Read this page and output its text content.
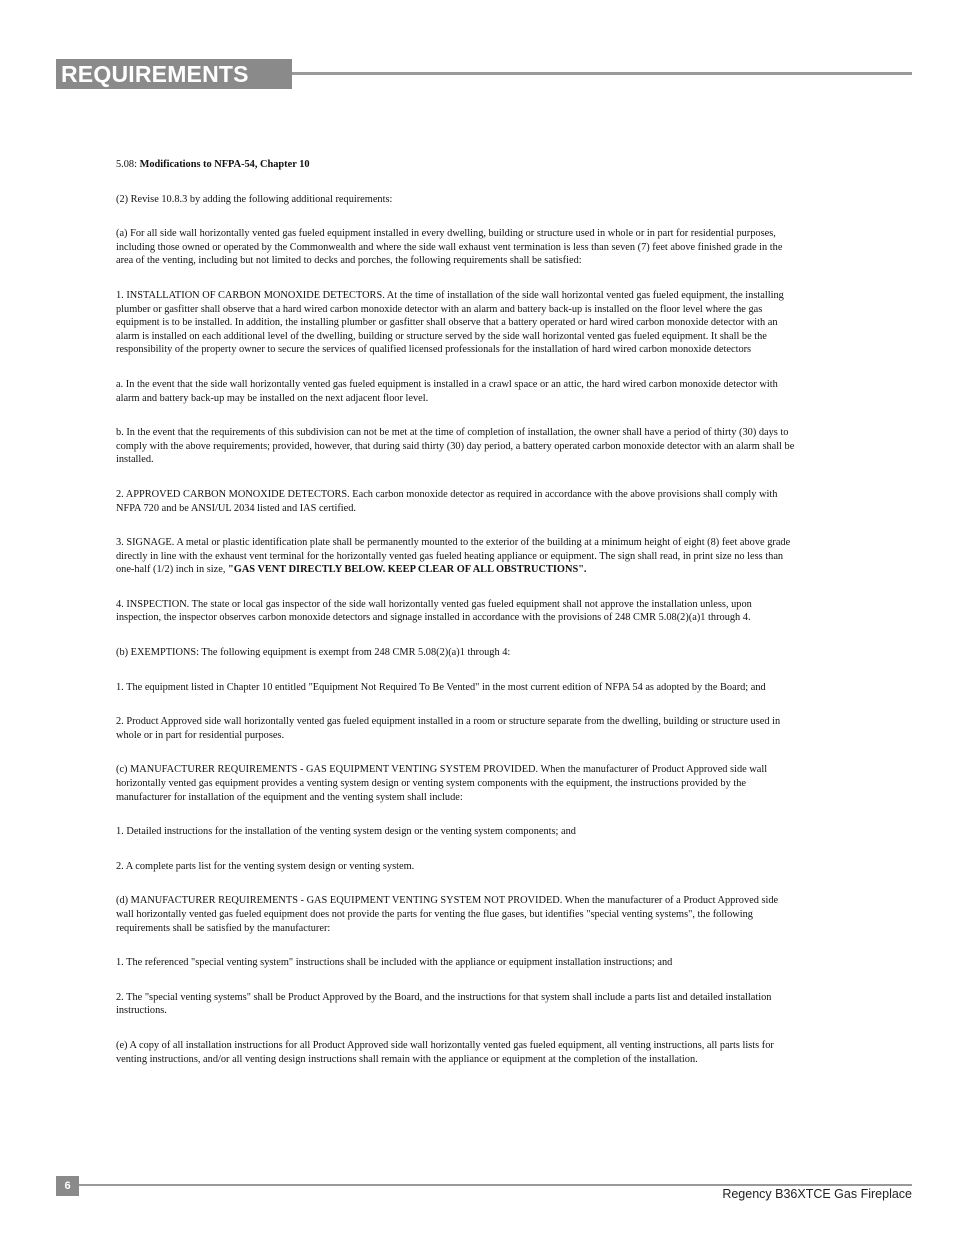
REQUIREMENTS

5.08: Modifications to NFPA-54, Chapter 10

(2) Revise 10.8.3 by adding the following additional requirements:

(a) For all side wall horizontally vented gas fueled equipment installed in every dwelling, building or structure used in whole or in part for residential purposes, including those owned or operated by the Commonwealth and where the side wall exhaust vent termination is less than seven (7) feet above finished grade in the area of the venting, including but not limited to decks and porches, the following requirements shall be satisfied:

1. INSTALLATION OF CARBON MONOXIDE DETECTORS. At the time of installation of the side wall horizontal vented gas fueled equipment, the installing plumber or gasfitter shall observe that a hard wired carbon monoxide detector with an alarm and battery back-up is installed on the floor level where the gas equipment is to be installed. In addition, the installing plumber or gasfitter shall observe that a battery operated or hard wired carbon monoxide detector with an alarm is installed on each additional level of the dwelling, building or structure served by the side wall horizontal vented gas fueled equipment. It shall be the responsibility of the property owner to secure the services of qualified licensed professionals for the installation of hard wired carbon monoxide detectors

a. In the event that the side wall horizontally vented gas fueled equipment is installed in a crawl space or an attic, the hard wired carbon monoxide detector with alarm and battery back-up may be installed on the next adjacent floor level.

b. In the event that the requirements of this subdivision can not be met at the time of completion of installation, the owner shall have a period of thirty (30) days to comply with the above requirements; provided, however, that during said thirty (30) day period, a battery operated carbon monoxide detector with an alarm shall be installed.

2. APPROVED CARBON MONOXIDE DETECTORS. Each carbon monoxide detector as required in accordance with the above provisions shall comply with NFPA 720 and be ANSI/UL 2034 listed and IAS certified.

3. SIGNAGE. A metal or plastic identification plate shall be permanently mounted to the exterior of the building at a minimum height of eight (8) feet above grade directly in line with the exhaust vent terminal for the horizontally vented gas fueled heating appliance or equipment. The sign shall read, in print size no less than one-half (1/2) inch in size, "GAS VENT DIRECTLY BELOW. KEEP CLEAR OF ALL OBSTRUCTIONS".

4. INSPECTION. The state or local gas inspector of the side wall horizontally vented gas fueled equipment shall not approve the installation unless, upon inspection, the inspector observes carbon monoxide detectors and signage installed in accordance with the provisions of 248 CMR 5.08(2)(a)1 through 4.

(b) EXEMPTIONS: The following equipment is exempt from 248 CMR 5.08(2)(a)1 through 4:

1. The equipment listed in Chapter 10 entitled "Equipment Not Required To Be Vented" in the most current edition of NFPA 54 as adopted by the Board; and

2. Product Approved side wall horizontally vented gas fueled equipment installed in a room or structure separate from the dwelling, building or structure used in whole or in part for residential purposes.

(c) MANUFACTURER REQUIREMENTS - GAS EQUIPMENT VENTING SYSTEM PROVIDED. When the manufacturer of Product Approved side wall horizontally vented gas equipment provides a venting system design or venting system components with the equipment, the instructions provided by the manufacturer for installation of the equipment and the venting system shall include:

1. Detailed instructions for the installation of the venting system design or the venting system components; and

2. A complete parts list for the venting system design or venting system.

(d) MANUFACTURER REQUIREMENTS - GAS EQUIPMENT VENTING SYSTEM NOT PROVIDED. When the manufacturer of a Product Approved side wall horizontally vented gas fueled equipment does not provide the parts for venting the flue gases, but identifies "special venting systems", the following requirements shall be satisfied by the manufacturer:

1. The referenced "special venting system" instructions shall be included with the appliance or equipment installation instructions; and

2. The "special venting systems" shall be Product Approved by the Board, and the instructions for that system shall include a parts list and detailed installation instructions.

(e) A copy of all installation instructions for all Product Approved side wall horizontally vented gas fueled equipment, all venting instructions, all parts lists for venting instructions, and/or all venting design instructions shall remain with the appliance or equipment at the completion of the installation.

6
Regency B36XTCE Gas Fireplace
